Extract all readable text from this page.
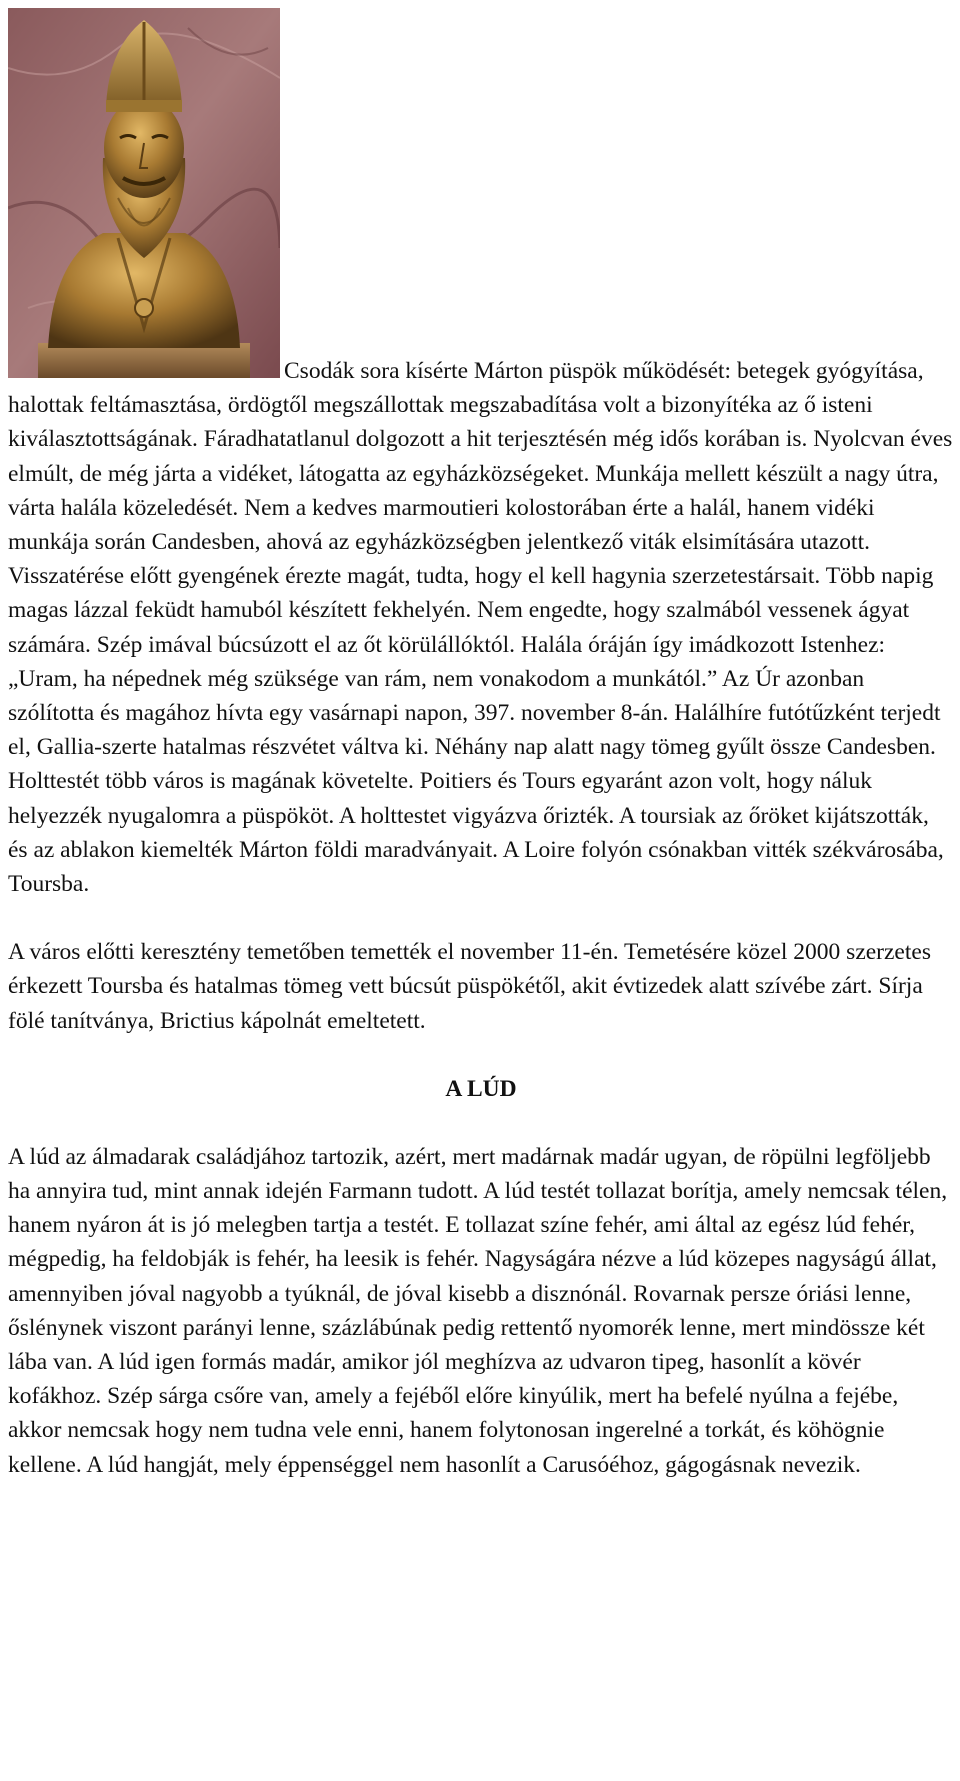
Csodák sora kísérte Márton püspök működését: betegek gyógyítása, halottak feltámasztása, ördögtől megszállottak megszabadítása volt a bizonyítéka az ő isteni kiválasztottságának. Fáradhatatlanul dolgozott a hit terjesztésén még idős korában is. Nyolcvan éves elmúlt, de még járta a vidéket, látogatta az egyházközségeket. Munkája mellett készült a nagy útra, várta halála közeledését. Nem a kedves marmoutieri kolostorában érte a halál, hanem vidéki munkája során Candesben, ahová az egyházközségben jelentkező viták elsimítására utazott. Visszatérése előtt gyengének érezte magát, tudta, hogy el kell hagynia szerzetestársait. Több napig magas lázzal feküdt hamuból készített fekhelyén. Nem engedte, hogy szalmából vessenek ágyat számára. Szép imával búcsúzott el az őt körülállóktól. Halála óráján így imádkozott Istenhez: „Uram, ha népednek még szüksége van rám, nem vonakodom a munkától.” Az Úr azonban szólította és magához hívta egy vasárnapi napon, 397. november 8-án. Halálhíre futótűzként terjedt el, Gallia-szerte hatalmas részvétet váltva ki. Néhány nap alatt nagy tömeg gyűlt össze Candesben. Holttestét több város is magának követelte. Poitiers és Tours egyaránt azon volt, hogy náluk helyezzék nyugalomra a püspököt. A holttestet vigyázva őrizték. A toursiak az őröket kijátszották, és az ablakon kiemelték Márton földi maradványait. A Loire folyón csónakban vitték székvárosába, Toursba.

A város előtti keresztény temetőben temették el november 11-én. Temetésére közel 2000 szerzetes érkezett Toursba és hatalmas tömeg vett búcsút püspökétől, akit évtizedek alatt szívébe zárt. Sírja fölé tanítványa, Brictius kápolnát emeltetett.

A LÚD

A lúd az álmadarak családjához tartozik, azért, mert madárnak madár ugyan, de röpülni legföljebb ha annyira tud, mint annak idején Farmann tudott. A lúd testét tollazat borítja, amely nemcsak télen, hanem nyáron át is jó melegben tartja a testét. E tollazat színe fehér, ami által az egész lúd fehér, mégpedig, ha feldobják is fehér, ha leesik is fehér. Nagyságára nézve a lúd közepes nagyságú állat, amennyiben jóval nagyobb a tyúknál, de jóval kisebb a disznónál. Rovarnak persze óriási lenne, őslénynek viszont parányi lenne, százlábúnak pedig rettentő nyomorék lenne, mert mindössze két lába van. A lúd igen formás madár, amikor jól meghízva az udvaron tipeg, hasonlít a kövér kofákhoz. Szép sárga csőre van, amely a fejéből előre kinyúlik, mert ha befelé nyúlna a fejébe, akkor nemcsak hogy nem tudna vele enni, hanem folytonosan ingerelné a torkát, és köhögnie kellene. A lúd hangját, mely éppenséggel nem hasonlít a Carusóéhoz, gágogásnak nevezik.
